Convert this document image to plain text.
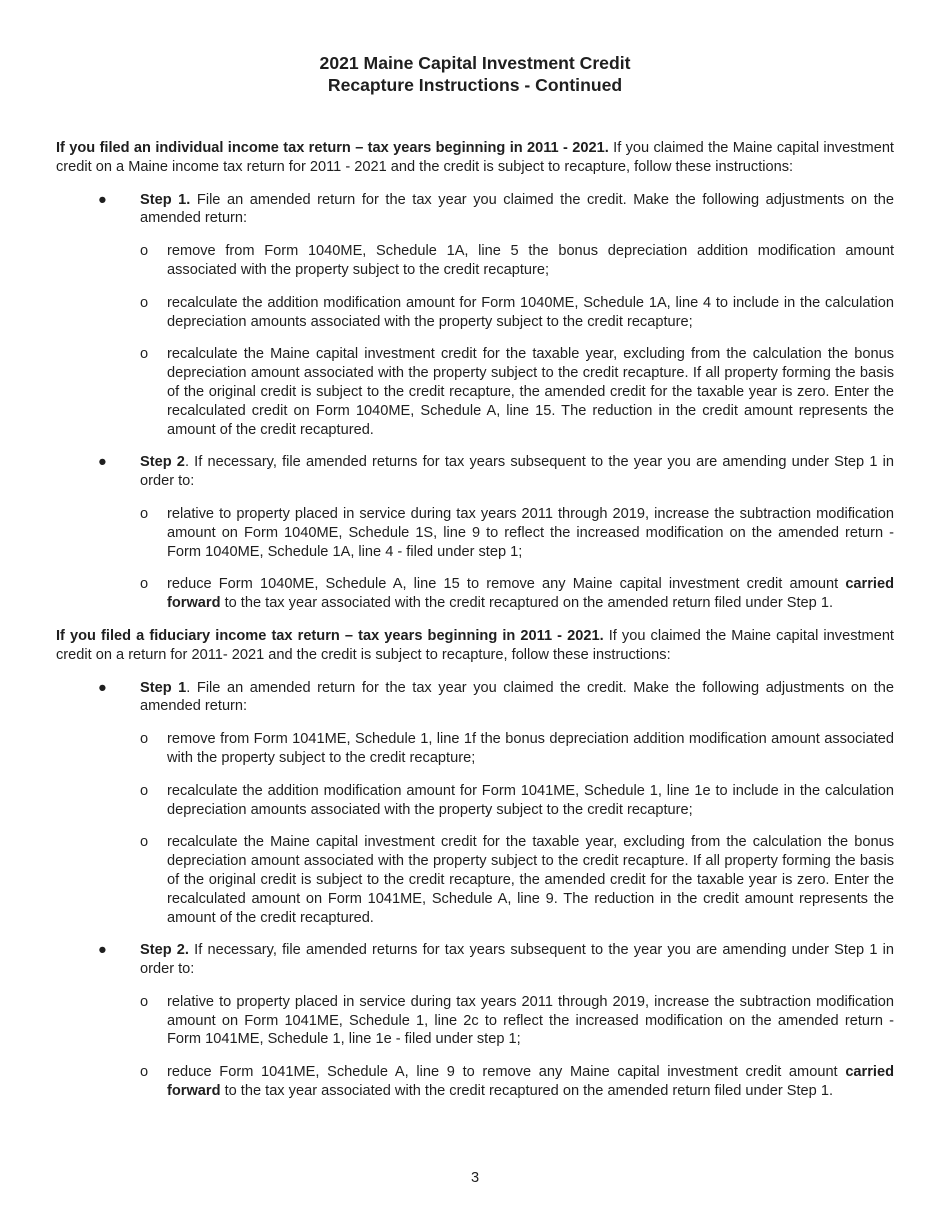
2021 Maine Capital Investment Credit
Recapture Instructions - Continued

If you filed an individual income tax return – tax years beginning in 2011 - 2021. If you claimed the Maine capital investment credit on a Maine income tax return for 2011 - 2021 and the credit is subject to recapture, follow these instructions:

● Step 1. File an amended return for the tax year you claimed the credit. Make the following adjustments on the amended return:

o remove from Form 1040ME, Schedule 1A, line 5 the bonus depreciation addition modification amount associated with the property subject to the credit recapture;

o recalculate the addition modification amount for Form 1040ME, Schedule 1A, line 4 to include in the calculation depreciation amounts associated with the property subject to the credit recapture;

o recalculate the Maine capital investment credit for the taxable year, excluding from the calculation the bonus depreciation amount associated with the property subject to the credit recapture. If all property forming the basis of the original credit is subject to the credit recapture, the amended credit for the taxable year is zero. Enter the recalculated credit on Form 1040ME, Schedule A, line 15. The reduction in the credit amount represents the amount of the credit recaptured.

● Step 2. If necessary, file amended returns for tax years subsequent to the year you are amending under Step 1 in order to:

o relative to property placed in service during tax years 2011 through 2019, increase the subtraction modification amount on Form 1040ME, Schedule 1S, line 9 to reflect the increased modification on the amended return - Form 1040ME, Schedule 1A, line 4 - filed under step 1;

o reduce Form 1040ME, Schedule A, line 15 to remove any Maine capital investment credit amount carried forward to the tax year associated with the credit recaptured on the amended return filed under Step 1.

If you filed a fiduciary income tax return – tax years beginning in 2011 - 2021. If you claimed the Maine capital investment credit on a return for 2011- 2021 and the credit is subject to recapture, follow these instructions:

● Step 1. File an amended return for the tax year you claimed the credit. Make the following adjustments on the amended return:

o remove from Form 1041ME, Schedule 1, line 1f the bonus depreciation addition modification amount associated with the property subject to the credit recapture;

o recalculate the addition modification amount for Form 1041ME, Schedule 1, line 1e to include in the calculation depreciation amounts associated with the property subject to the credit recapture;

o recalculate the Maine capital investment credit for the taxable year, excluding from the calculation the bonus depreciation amount associated with the property subject to the credit recapture. If all property forming the basis of the original credit is subject to the credit recapture, the amended credit for the taxable year is zero. Enter the recalculated amount on Form 1041ME, Schedule A, line 9. The reduction in the credit amount represents the amount of the credit recaptured.

● Step 2. If necessary, file amended returns for tax years subsequent to the year you are amending under Step 1 in order to:

o relative to property placed in service during tax years 2011 through 2019, increase the subtraction modification amount on Form 1041ME, Schedule 1, line 2c to reflect the increased modification on the amended return - Form 1041ME, Schedule 1, line 1e - filed under step 1;

o reduce Form 1041ME, Schedule A, line 9 to remove any Maine capital investment credit amount carried forward to the tax year associated with the credit recaptured on the amended return filed under Step 1.

3
